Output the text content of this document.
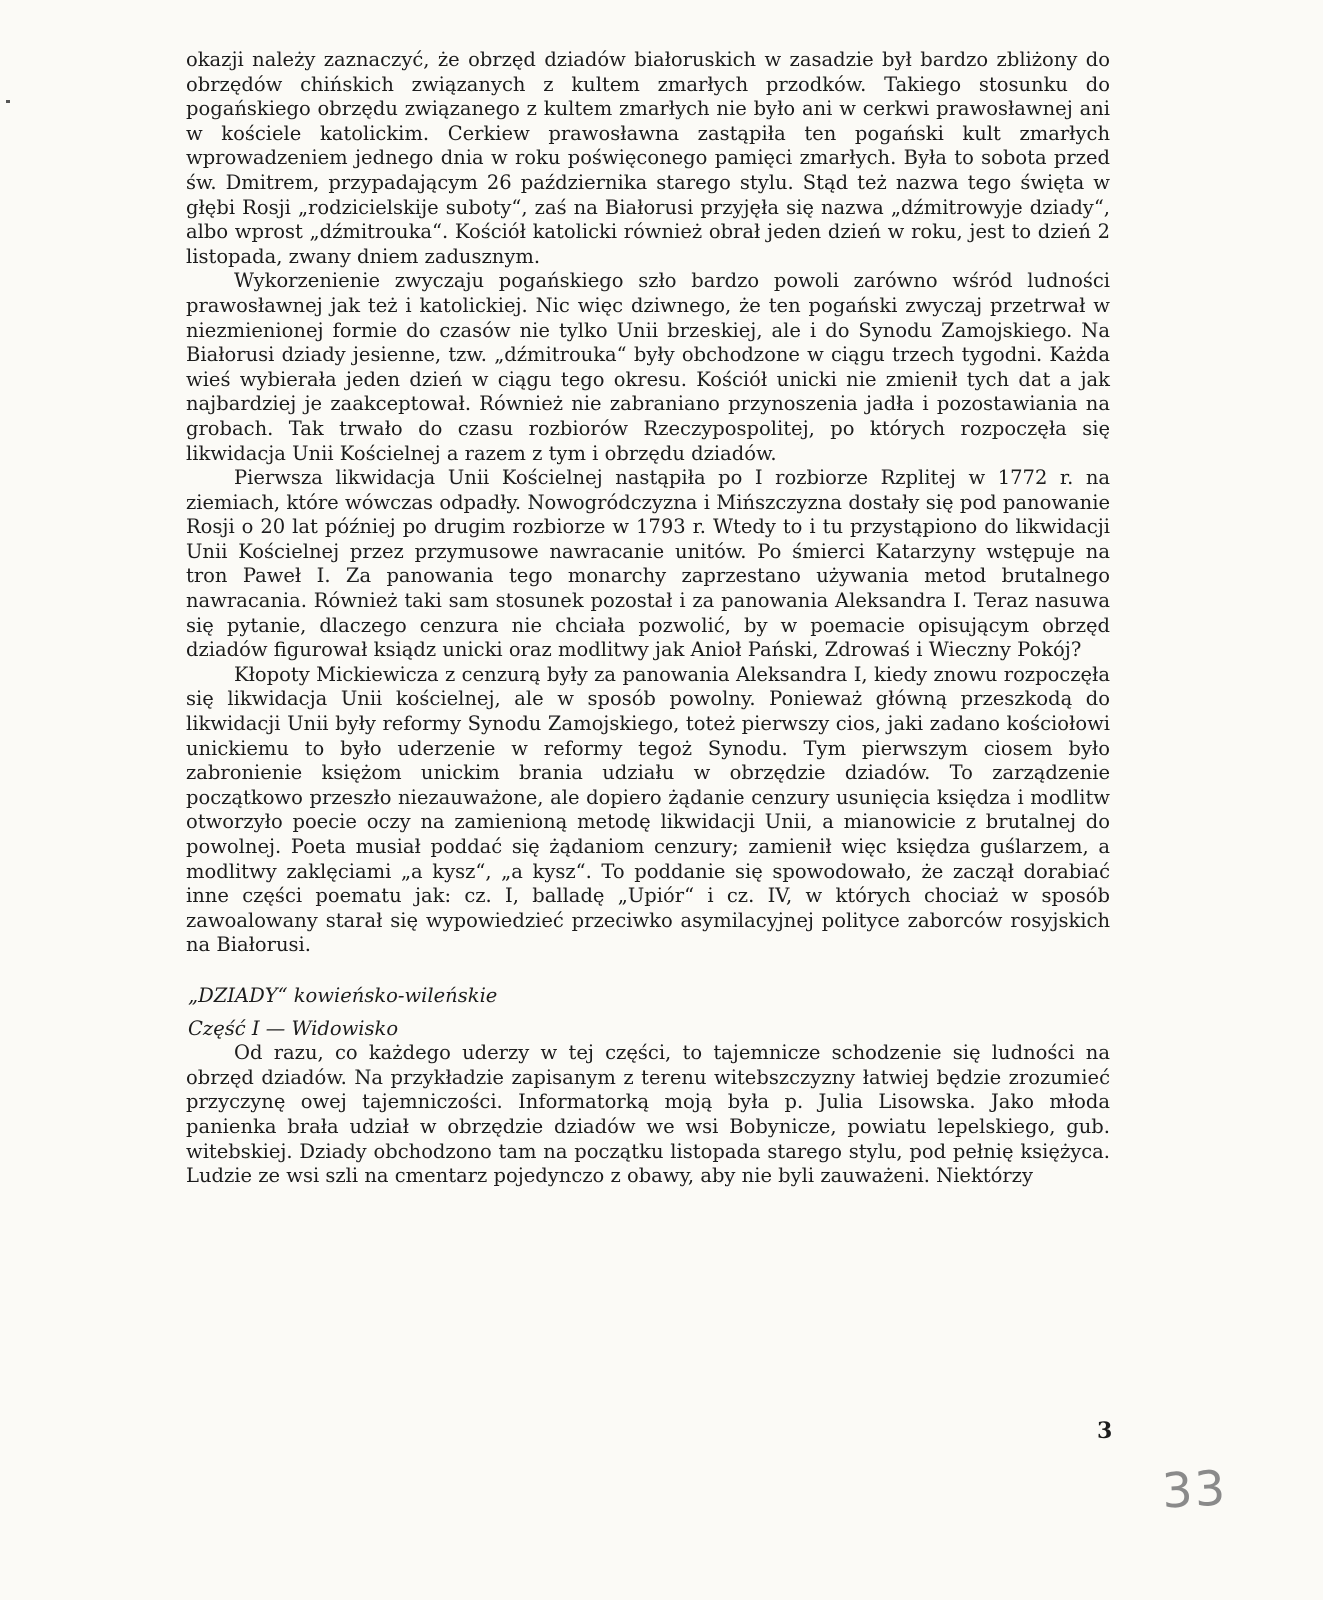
okazji należy zaznaczyć, że obrzęd dziadów białoruskich w zasadzie był bardzo zbliżony do obrzędów chińskich związanych z kultem zmarłych przodków. Takiego stosunku do pogańskiego obrzędu związanego z kultem zmarłych nie było ani w cerkwi prawosławnej ani w kościele katolickim. Cerkiew prawosławna zastąpiła ten pogański kult zmarłych wprowadzeniem jednego dnia w roku poświęconego pamięci zmarłych. Była to sobota przed św. Dmitrem, przypadającym 26 października starego stylu. Stąd też nazwa tego święta w głębi Rosji „rodzicielskije suboty“, zaś na Białorusi przyjęła się nazwa „dźmitrowyje dziady“, albo wprost „dźmitrouka“. Kościół katolicki również obrał jeden dzień w roku, jest to dzień 2 listopada, zwany dniem zadusznym.

Wykorzenienie zwyczaju pogańskiego szło bardzo powoli zarówno wśród ludności prawosławnej jak też i katolickiej. Nic więc dziwnego, że ten pogański zwyczaj przetrwał w niezmienionej formie do czasów nie tylko Unii brzeskiej, ale i do Synodu Zamojskiego. Na Białorusi dziady jesienne, tzw. „dźmitrouka“ były obchodzone w ciągu trzech tygodni. Każda wieś wybierała jeden dzień w ciągu tego okresu. Kościół unicki nie zmienił tych dat a jak najbardziej je zaakceptował. Również nie zabraniano przynoszenia jadła i pozostawiania na grobach. Tak trwało do czasu rozbiorów Rzeczypospolitej, po których rozpoczęła się likwidacja Unii Kościelnej a razem z tym i obrzędu dziadów.

Pierwsza likwidacja Unii Kościelnej nastąpiła po I rozbiorze Rzplitej w 1772 r. na ziemiach, które wówczas odpadły. Nowogródczyzna i Mińszczyzna dostały się pod panowanie Rosji o 20 lat później po drugim rozbiorze w 1793 r. Wtedy to i tu przystąpiono do likwidacji Unii Kościelnej przez przymusowe nawracanie unitów. Po śmierci Katarzyny wstępuje na tron Paweł I. Za panowania tego monarchy zaprzestano używania metod brutalnego nawracania. Również taki sam stosunek pozostał i za panowania Aleksandra I. Teraz nasuwa się pytanie, dlaczego cenzura nie chciała pozwolić, by w poemacie opisującym obrzęd dziadów figurował ksiądz unicki oraz modlitwy jak Anioł Pański, Zdrowaś i Wieczny Pokój?

Kłopoty Mickiewicza z cenzurą były za panowania Aleksandra I, kiedy znowu rozpoczęła się likwidacja Unii kościelnej, ale w sposób powolny. Ponieważ główną przeszkodą do likwidacji Unii były reformy Synodu Zamojskiego, toteż pierwszy cios, jaki zadano kościołowi unickiemu to było uderzenie w reformy tegoż Synodu. Tym pierwszym ciosem było zabronienie księżom unickim brania udziału w obrzędzie dziadów. To zarządzenie początkowo przeszło niezauważone, ale dopiero żądanie cenzury usunięcia księdza i modlitw otworzyło poecie oczy na zamienioną metodę likwidacji Unii, a mianowicie z brutalnej do powolnej. Poeta musiał poddać się żądaniom cenzury; zamienił więc księdza guślarzem, a modlitwy zaklęciami „a kysz“, „a kysz“. To poddanie się spowodowało, że zaczął dorabiać inne części poematu jak: cz. I, balladę „Upiór“ i cz. IV, w których chociaż w sposób zawoalowany starał się wypowiedzieć przeciwko asymilacyjnej polityce zaborców rosyjskich na Białorusi.

„DZIADY“ kowieńsko-wileńskie
Część I — Widowisko

Od razu, co każdego uderzy w tej części, to tajemnicze schodzenie się ludności na obrzęd dziadów. Na przykładzie zapisanym z terenu witebszczyzny łatwiej będzie zrozumieć przyczynę owej tajemniczości. Informatorką moją była p. Julia Lisowska. Jako młoda panienka brała udział w obrzędzie dziadów we wsi Bobynicze, powiatu lepelskiego, gub. witebskiej. Dziady obchodzono tam na początku listopada starego stylu, pod pełnię księżyca. Ludzie ze wsi szli na cmentarz pojedynczo z obawy, aby nie byli zauważeni. Niektórzy

3
33
